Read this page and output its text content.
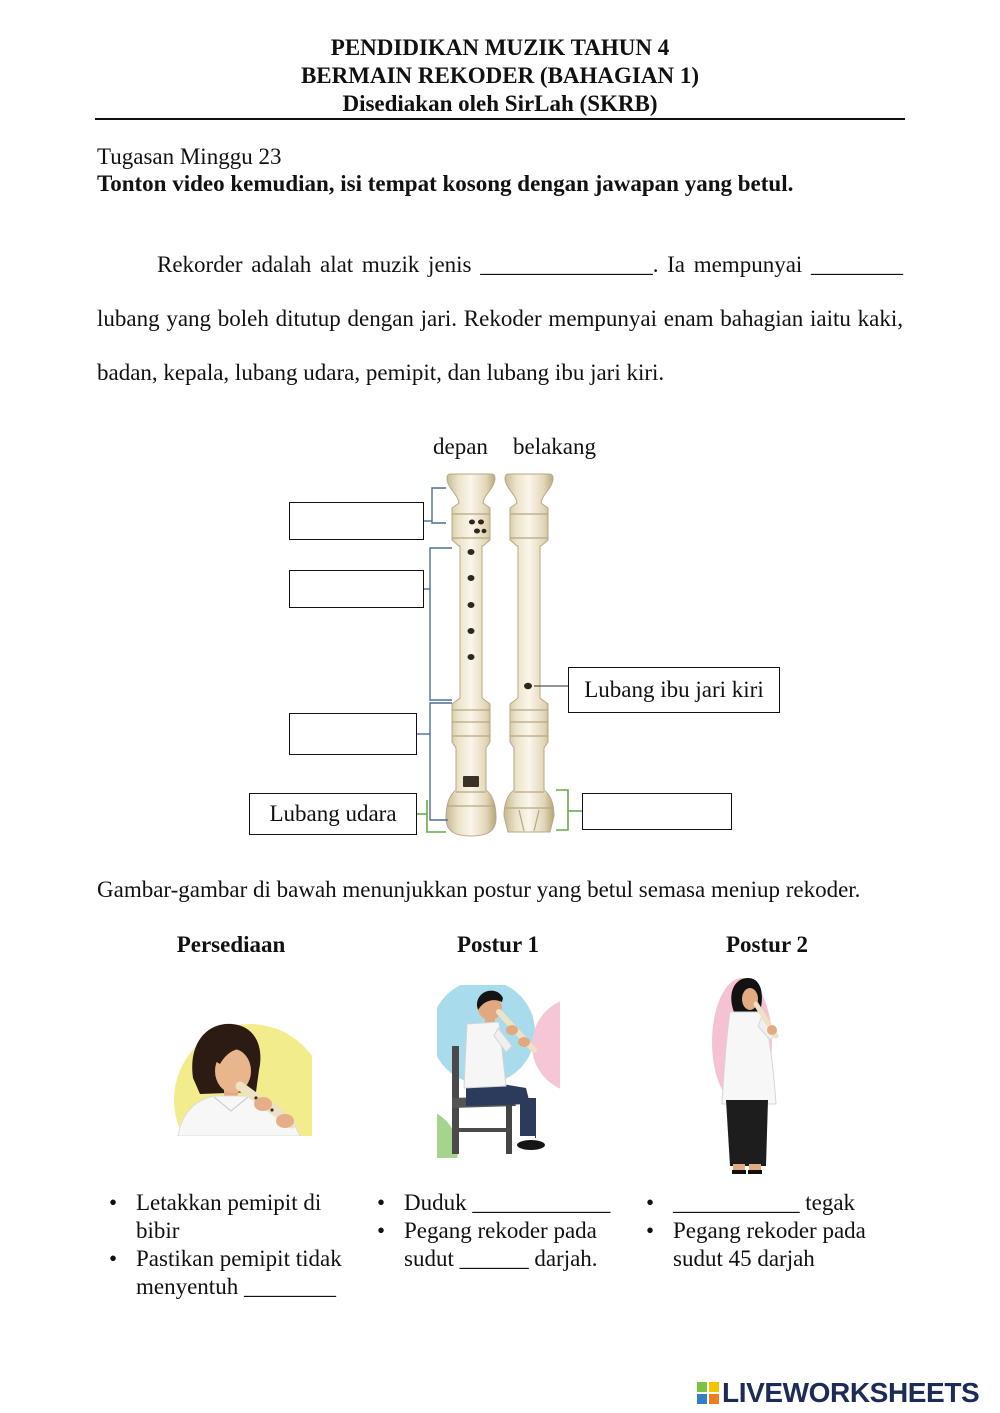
PENDIDIKAN MUZIK TAHUN 4
BERMAIN REKODER (BAHAGIAN 1)
Disediakan oleh SirLah (SKRB)
Tugasan Minggu 23
Tonton video kemudian, isi tempat kosong dengan jawapan yang betul.

Rekorder adalah alat muzik jenis _______________. Ia mempunyai ________ lubang yang boleh ditutup dengan jari. Rekoder mempunyai enam bahagian iaitu kaki, badan, kepala, lubang udara, pemipit, dan lubang ibu jari kiri.

depan belakang
Lubang udara
Lubang ibu jari kiri
Gambar-gambar di bawah menunjukkan postur yang betul semasa meniup rekoder.
Persediaan	Postur 1	Postur 2
• Letakkan pemipit di bibir
• Pastikan pemipit tidak menyentuh ________
• Duduk ____________
• Pegang rekoder pada sudut ______ darjah.
• ___________ tegak
• Pegang rekoder pada sudut 45 darjah
LIVEWORKSHEETS
